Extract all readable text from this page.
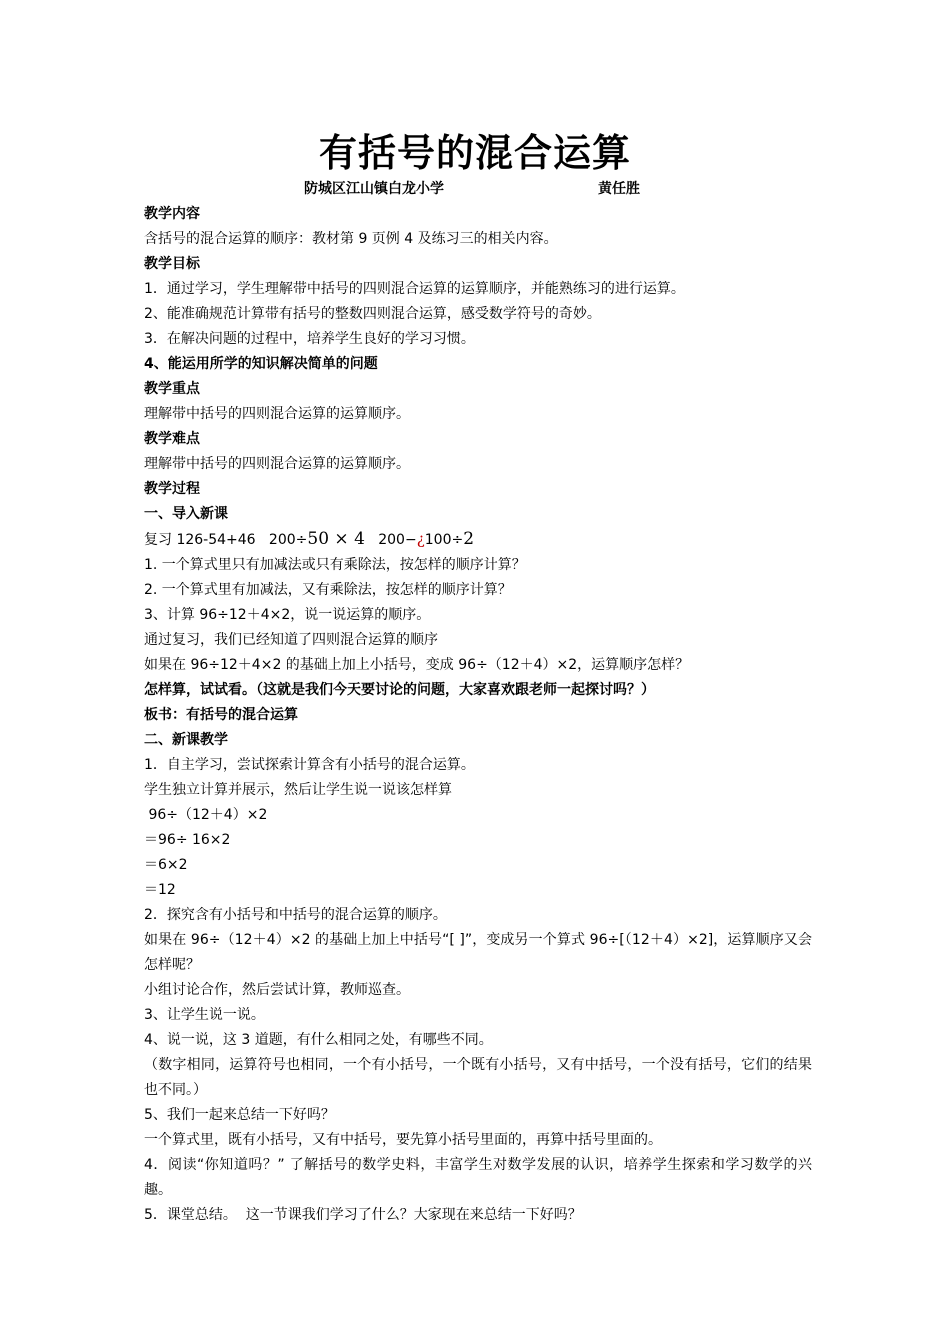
有括号的混合运算
防城区江山镇白龙小学	黄任胜
教学内容
含括号的混合运算的顺序：教材第 9 页例 4 及练习三的相关内容。
教学目标
1．通过学习，学生理解带中括号的四则混合运算的运算顺序，并能熟练习的进行运算。
2、能准确规范计算带有括号的整数四则混合运算，感受数学符号的奇妙。
3．在解决问题的过程中，培养学生良好的学习习惯。
4、能运用所学的知识解决简单的问题
教学重点
理解带中括号的四则混合运算的运算顺序。
教学难点
理解带中括号的四则混合运算的运算顺序。
教学过程
一、导入新课
复习 126-54+46   200÷50 × 4   200−¿100÷2
1. 一个算式里只有加减法或只有乘除法，按怎样的顺序计算？
2. 一个算式里有加减法，又有乘除法，按怎样的顺序计算？
3、计算 96÷12＋4×2，说一说运算的顺序。
通过复习，我们已经知道了四则混合运算的顺序
如果在 96÷12＋4×2 的基础上加上小括号，变成 96÷（12＋4）×2，运算顺序怎样？
怎样算，试试看。（这就是我们今天要讨论的问题，大家喜欢跟老师一起探讨吗？）
板书：有括号的混合运算
二、新课教学
1．自主学习，尝试探索计算含有小括号的混合运算。
学生独立计算并展示，然后让学生说一说该怎样算
96÷（12＋4）×2
＝96÷ 16×2
＝6×2
＝12
2．探究含有小括号和中括号的混合运算的顺序。
如果在 96÷（12＋4）×2 的基础上加上中括号“[ ]”，变成另一个算式 96÷[（12＋4）×2]，运算顺序又会怎样呢？
小组讨论合作，然后尝试计算，教师巡查。
3、让学生说一说。
4、说一说，这 3 道题，有什么相同之处，有哪些不同。
（数字相同，运算符号也相同，一个有小括号，一个既有小括号，又有中括号，一个没有括号，它们的结果也不同。）
5、我们一起来总结一下好吗？
一个算式里，既有小括号，又有中括号，要先算小括号里面的，再算中括号里面的。
4．阅读“你知道吗？” 了解括号的数学史料，丰富学生对数学发展的认识，培养学生探索和学习数学的兴趣。
5．课堂总结。  这一节课我们学习了什么？大家现在来总结一下好吗？
